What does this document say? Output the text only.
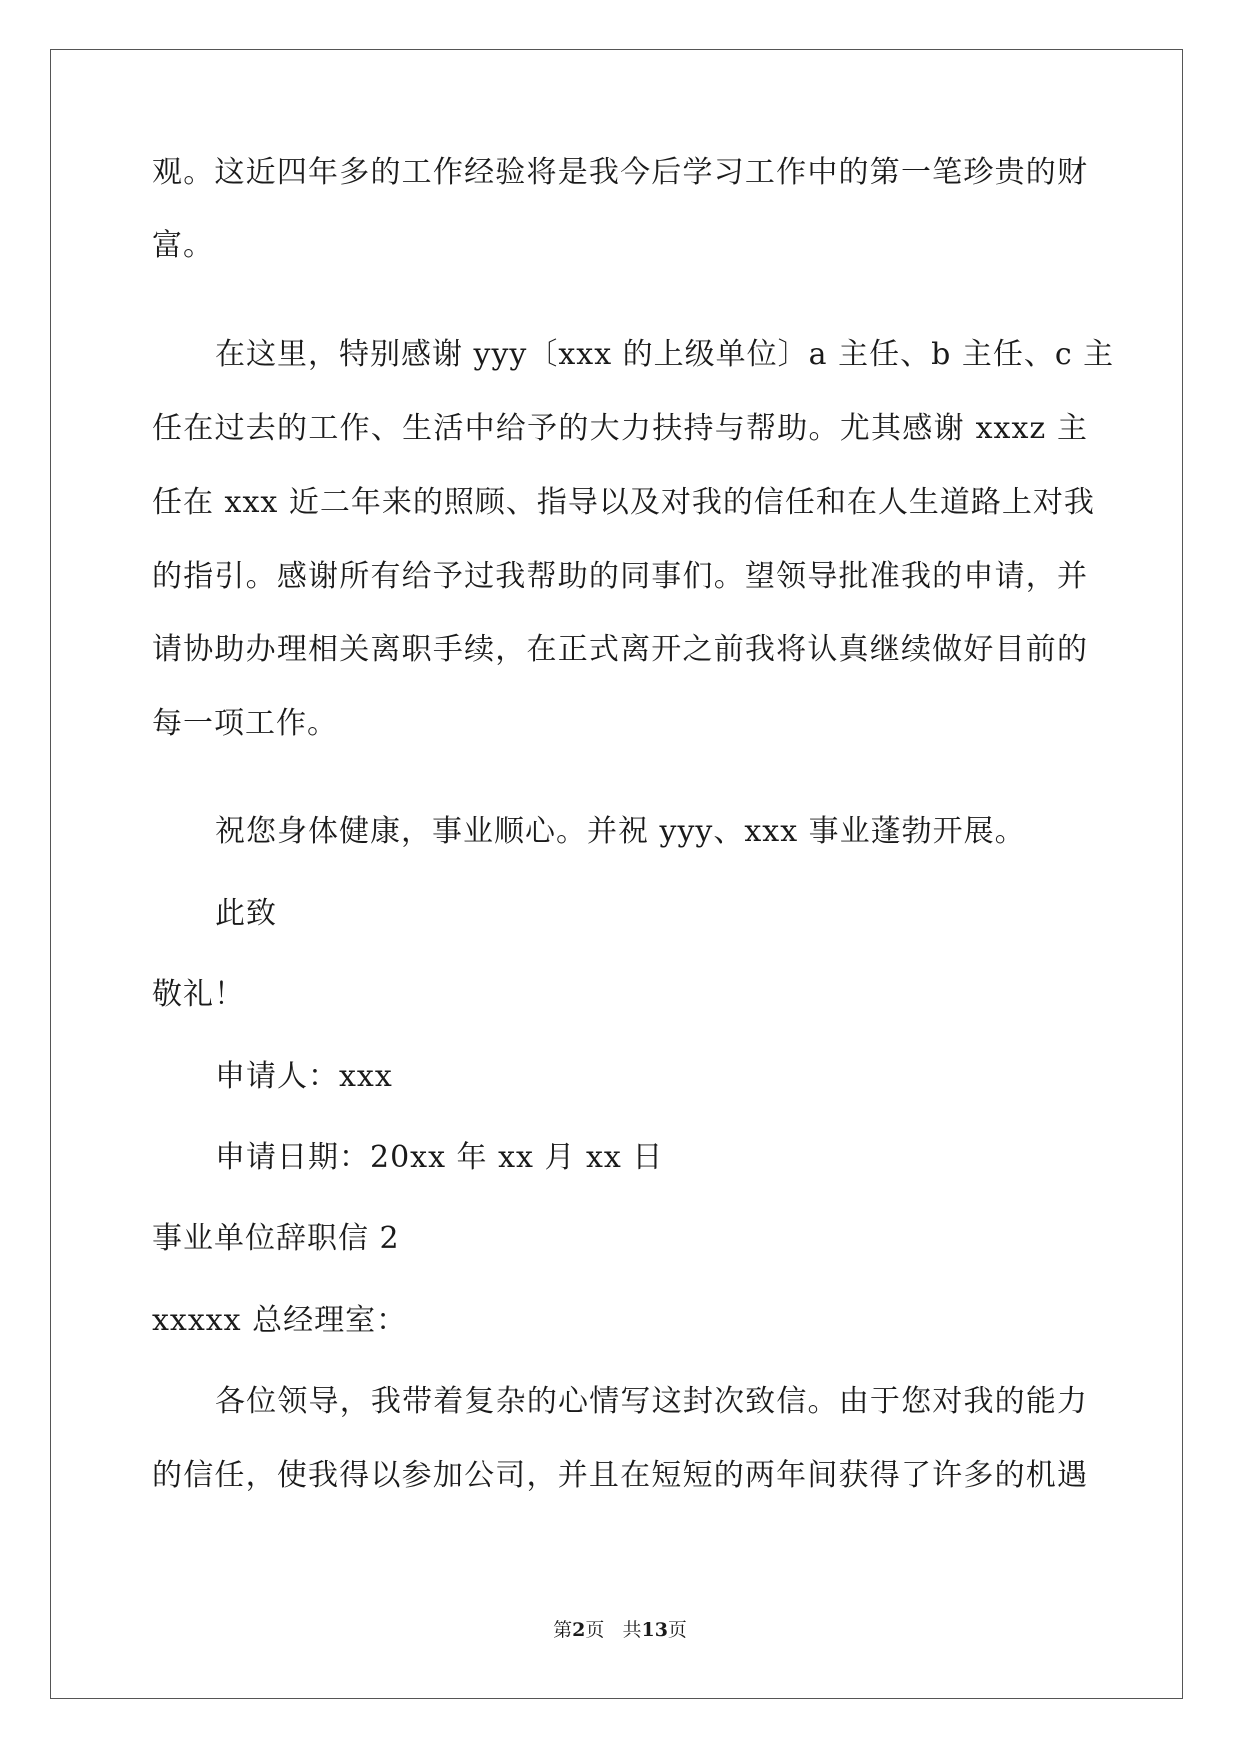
观。这近四年多的工作经验将是我今后学习工作中的第一笔珍贵的财
富。
在这里，特别感谢 yyy〔xxx 的上级单位〕a 主任、b 主任、c 主
任在过去的工作、生活中给予的大力扶持与帮助。尤其感谢 xxxz 主
任在 xxx 近二年来的照顾、指导以及对我的信任和在人生道路上对我
的指引。感谢所有给予过我帮助的同事们。望领导批准我的申请，并
请协助办理相关离职手续，在正式离开之前我将认真继续做好目前的
每一项工作。
祝您身体健康，事业顺心。并祝 yyy、xxx 事业蓬勃开展。
此致
敬礼！
申请人：xxx
申请日期：20xx 年 xx 月 xx 日
事业单位辞职信 2
xxxxx 总经理室：
各位领导，我带着复杂的心情写这封次致信。由于您对我的能力
的信任，使我得以参加公司，并且在短短的两年间获得了许多的机遇
第2页 共13页
